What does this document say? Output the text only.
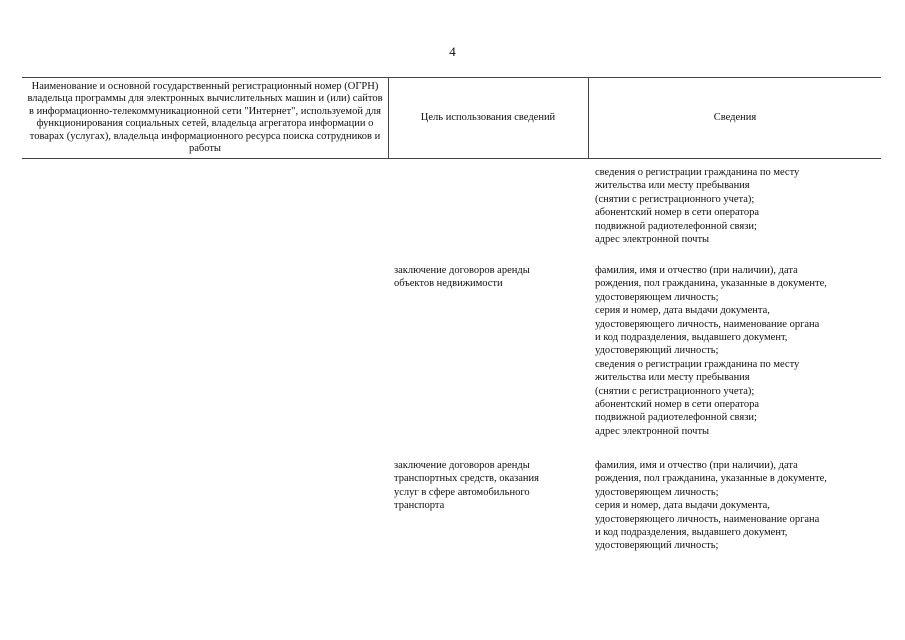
4
Наименование и основной государственный регистрационный номер (ОГРН) владельца программы для электронных вычислительных машин и (или) сайтов в информационно-телекоммуникационной сети "Интернет", используемой для функционирования социальных сетей, владельца агрегатора информации о товарах (услугах), владельца информационного ресурса поиска сотрудников и работы
Цель использования сведений	Сведения
сведения о регистрации гражданина по месту
жительства или месту пребывания
(снятии с регистрационного учета);
абонентский номер в сети оператора
подвижной радиотелефонной связи;
адрес электронной почты
заключение договоров аренды
объектов недвижимости
фамилия, имя и отчество (при наличии), дата
рождения, пол гражданина, указанные в документе,
удостоверяющем личность;
серия и номер, дата выдачи документа,
удостоверяющего личность, наименование органа
и код подразделения, выдавшего документ,
удостоверяющий личность;
сведения о регистрации гражданина по месту
жительства или месту пребывания
(снятии с регистрационного учета);
абонентский номер в сети оператора
подвижной радиотелефонной связи;
адрес электронной почты
заключение договоров аренды
транспортных средств, оказания
услуг в сфере автомобильного
транспорта
фамилия, имя и отчество (при наличии), дата
рождения, пол гражданина, указанные в документе,
удостоверяющем личность;
серия и номер, дата выдачи документа,
удостоверяющего личность, наименование органа
и код подразделения, выдавшего документ,
удостоверяющий личность;
